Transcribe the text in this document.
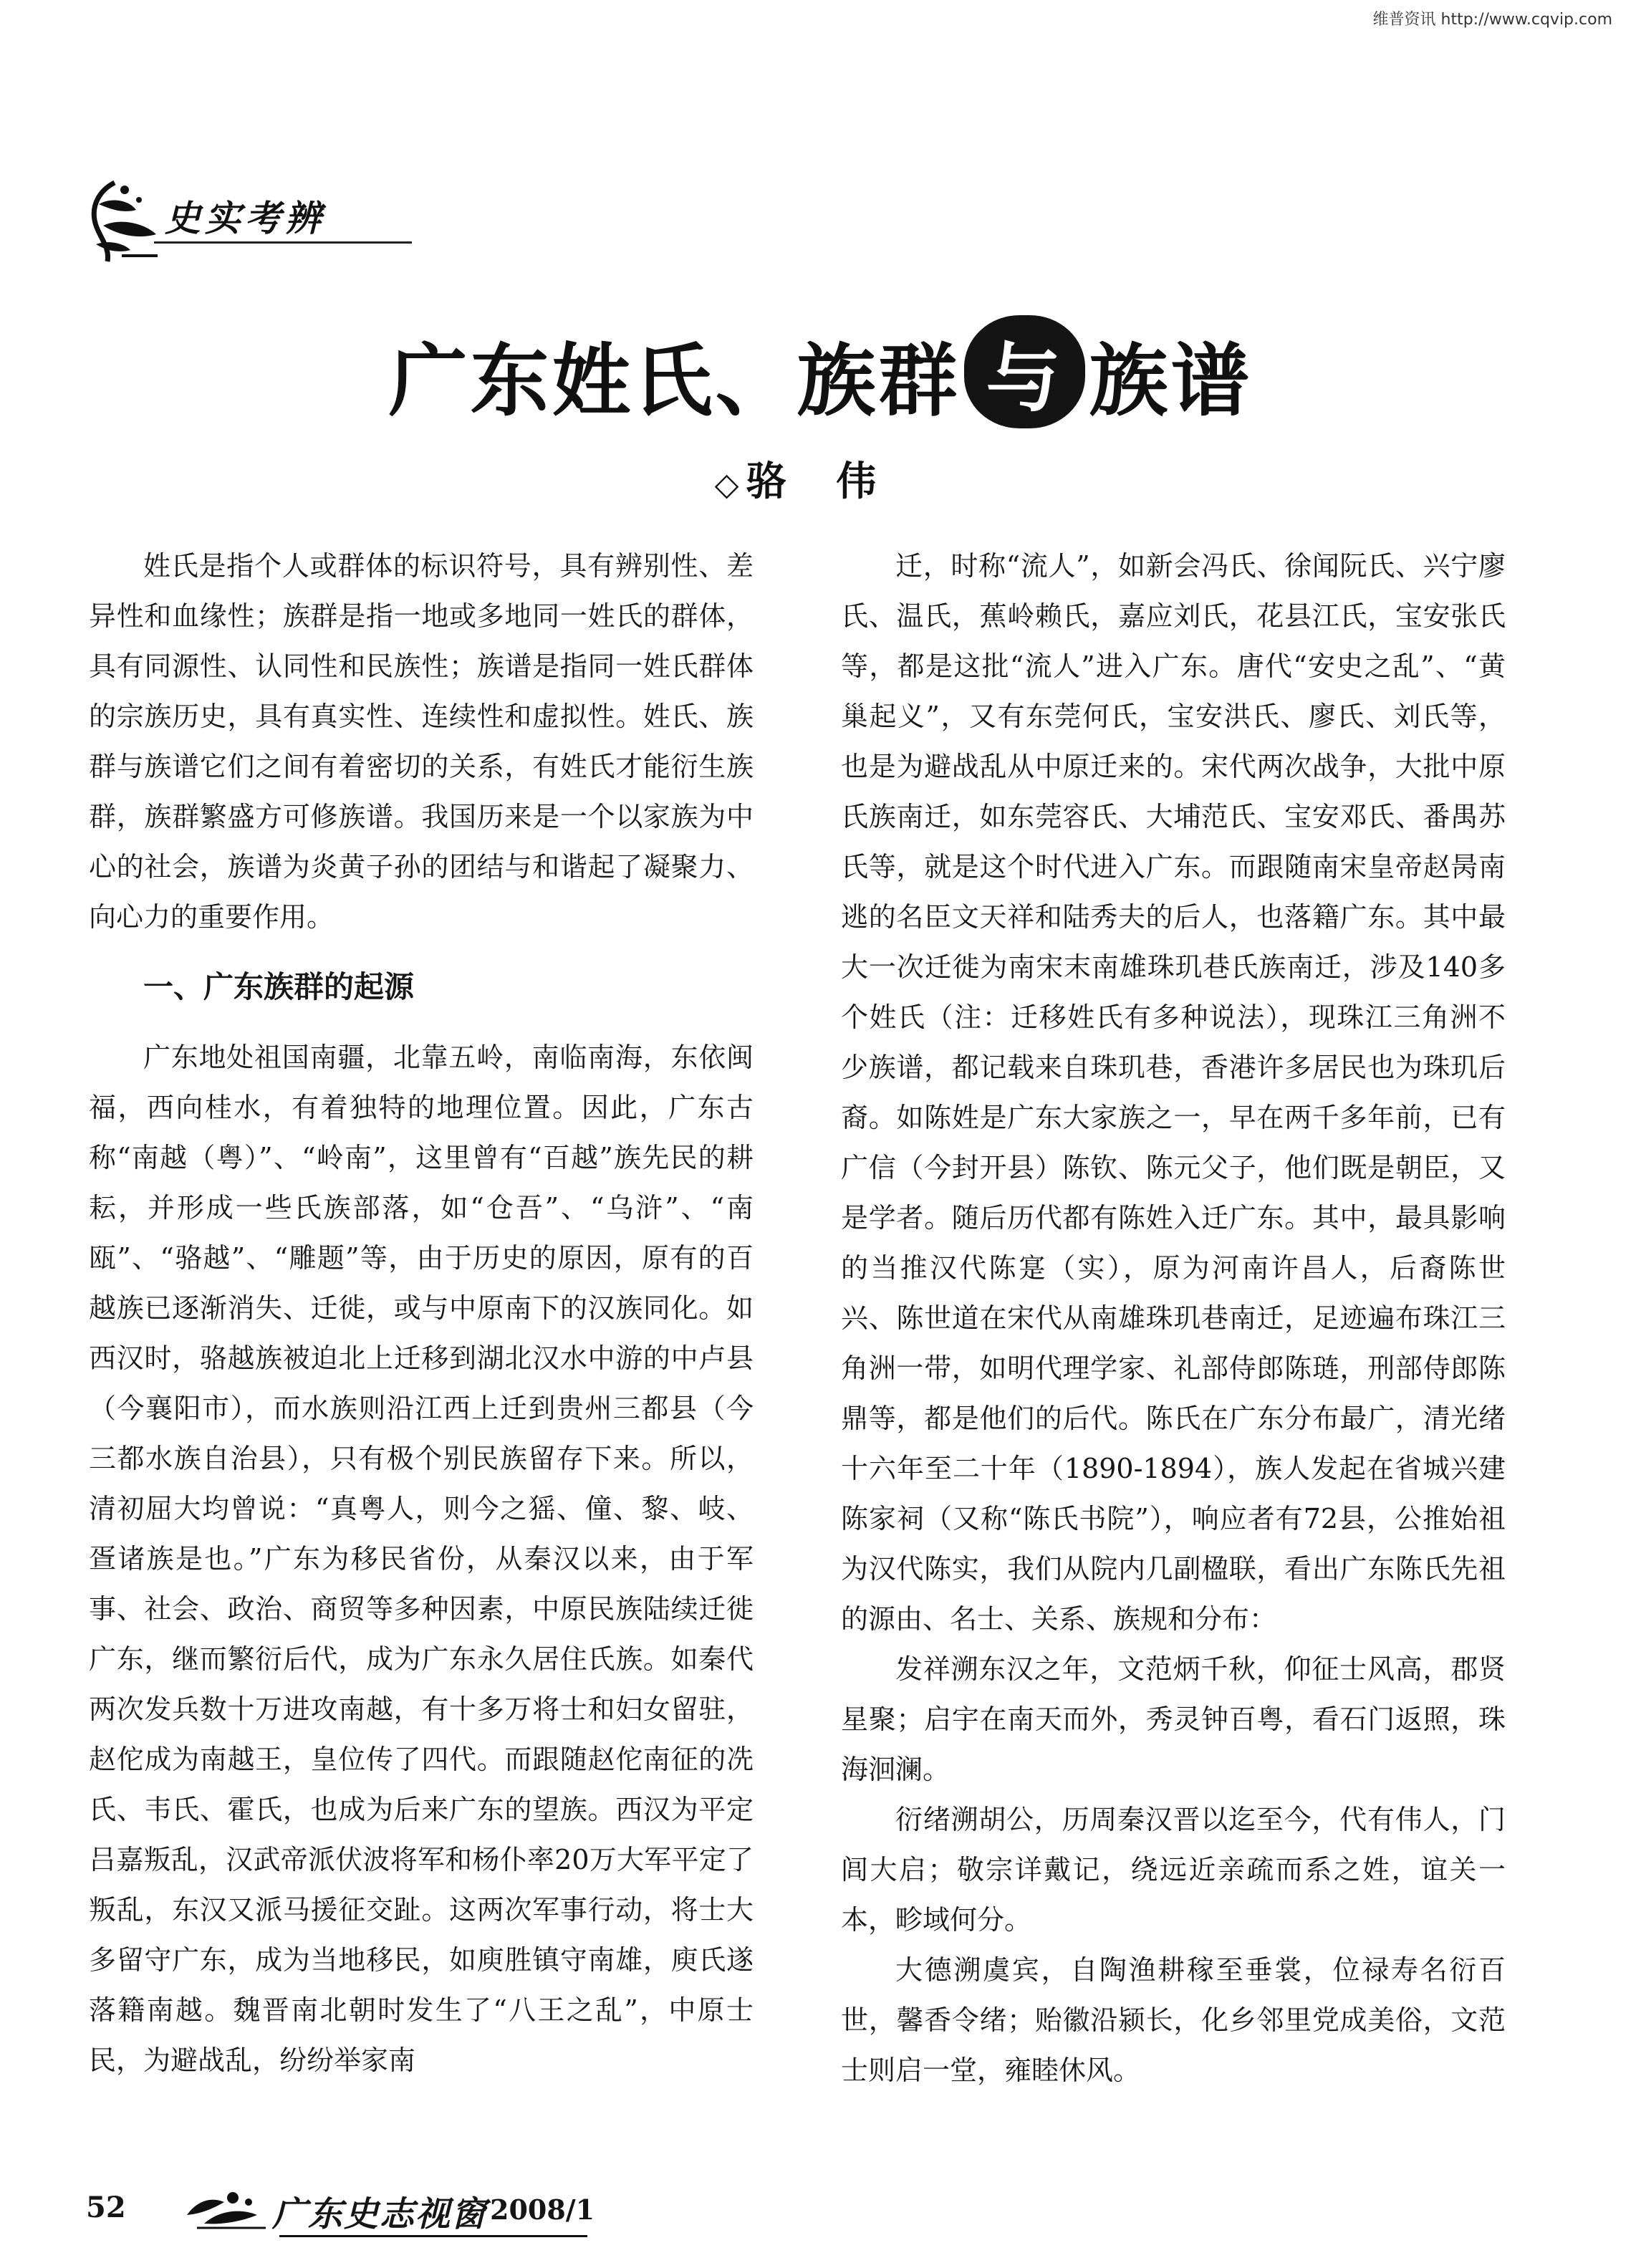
维普资讯 http://www.cqvip.com
史实考辨
广东姓氏、族群 与 族谱
◇ 骆伟

姓氏是指个人或群体的标识符号，具有辨别性、差异性和血缘性；族群是指一地或多地同一姓氏的群体，具有同源性、认同性和民族性；族谱是指同一姓氏群体的宗族历史，具有真实性、连续性和虚拟性。姓氏、族群与族谱它们之间有着密切的关系，有姓氏才能衍生族群，族群繁盛方可修族谱。我国历来是一个以家族为中心的社会，族谱为炎黄子孙的团结与和谐起了凝聚力、向心力的重要作用。

一、广东族群的起源

广东地处祖国南疆，北靠五岭，南临南海，东依闽福，西向桂水，有着独特的地理位置。因此，广东古称“南越（粤）”、“岭南”，这里曾有“百越”族先民的耕耘，并形成一些氏族部落，如“仓吾”、“乌浒”、“南瓯”、“骆越”、“雕题”等，由于历史的原因，原有的百越族已逐渐消失、迁徙，或与中原南下的汉族同化。如西汉时，骆越族被迫北上迁移到湖北汉水中游的中卢县（今襄阳市），而水族则沿江西上迁到贵州三都县（今三都水族自治县），只有极个别民族留存下来。所以，清初屈大均曾说：“真粤人，则今之猺、僮、黎、岐、疍诸族是也。”广东为移民省份，从秦汉以来，由于军事、社会、政治、商贸等多种因素，中原民族陆续迁徙广东，继而繁衍后代，成为广东永久居住氏族。如秦代两次发兵数十万进攻南越，有十多万将士和妇女留驻，赵佗成为南越王，皇位传了四代。而跟随赵佗南征的冼氏、韦氏、霍氏，也成为后来广东的望族。西汉为平定吕嘉叛乱，汉武帝派伏波将军和杨仆率20万大军平定了叛乱，东汉又派马援征交趾。这两次军事行动，将士大多留守广东，成为当地移民，如庾胜镇守南雄，庾氏遂落籍南越。魏晋南北朝时发生了“八王之乱”，中原士民，为避战乱，纷纷举家南

迁，时称“流人”，如新会冯氏、徐闻阮氏、兴宁廖氏、温氏，蕉岭赖氏，嘉应刘氏，花县江氏，宝安张氏等，都是这批“流人”进入广东。唐代“安史之乱”、“黄巢起义”，又有东莞何氏，宝安洪氏、廖氏、刘氏等，也是为避战乱从中原迁来的。宋代两次战争，大批中原氏族南迁，如东莞容氏、大埔范氏、宝安邓氏、番禺苏氏等，就是这个时代进入广东。而跟随南宋皇帝赵昺南逃的名臣文天祥和陆秀夫的后人，也落籍广东。其中最大一次迁徙为南宋末南雄珠玑巷氏族南迁，涉及140多个姓氏（注：迁移姓氏有多种说法），现珠江三角洲不少族谱，都记载来自珠玑巷，香港许多居民也为珠玑后裔。如陈姓是广东大家族之一，早在两千多年前，已有广信（今封开县）陈钦、陈元父子，他们既是朝臣，又是学者。随后历代都有陈姓入迁广东。其中，最具影响的当推汉代陈寔（实），原为河南许昌人，后裔陈世兴、陈世道在宋代从南雄珠玑巷南迁，足迹遍布珠江三角洲一带，如明代理学家、礼部侍郎陈琏，刑部侍郎陈鼎等，都是他们的后代。陈氏在广东分布最广，清光绪十六年至二十年（1890-1894），族人发起在省城兴建陈家祠（又称“陈氏书院”），响应者有72县，公推始祖为汉代陈实，我们从院内几副楹联，看出广东陈氏先祖的源由、名士、关系、族规和分布：

发祥溯东汉之年，文范炳千秋，仰征士风高，郡贤星聚；启宇在南天而外，秀灵钟百粤，看石门返照，珠海洄澜。

衍绪溯胡公，历周秦汉晋以迄至今，代有伟人，门闾大启；敬宗详戴记，绕远近亲疏而系之姓，谊关一本，畛域何分。

大德溯虞宾，自陶渔耕稼至垂裳，位禄寿名衍百世，馨香令绪；贻徽沿颍长，化乡邻里党成美俗，文范士则启一堂，雍睦休风。

52	广东史志视窗 2008/1
